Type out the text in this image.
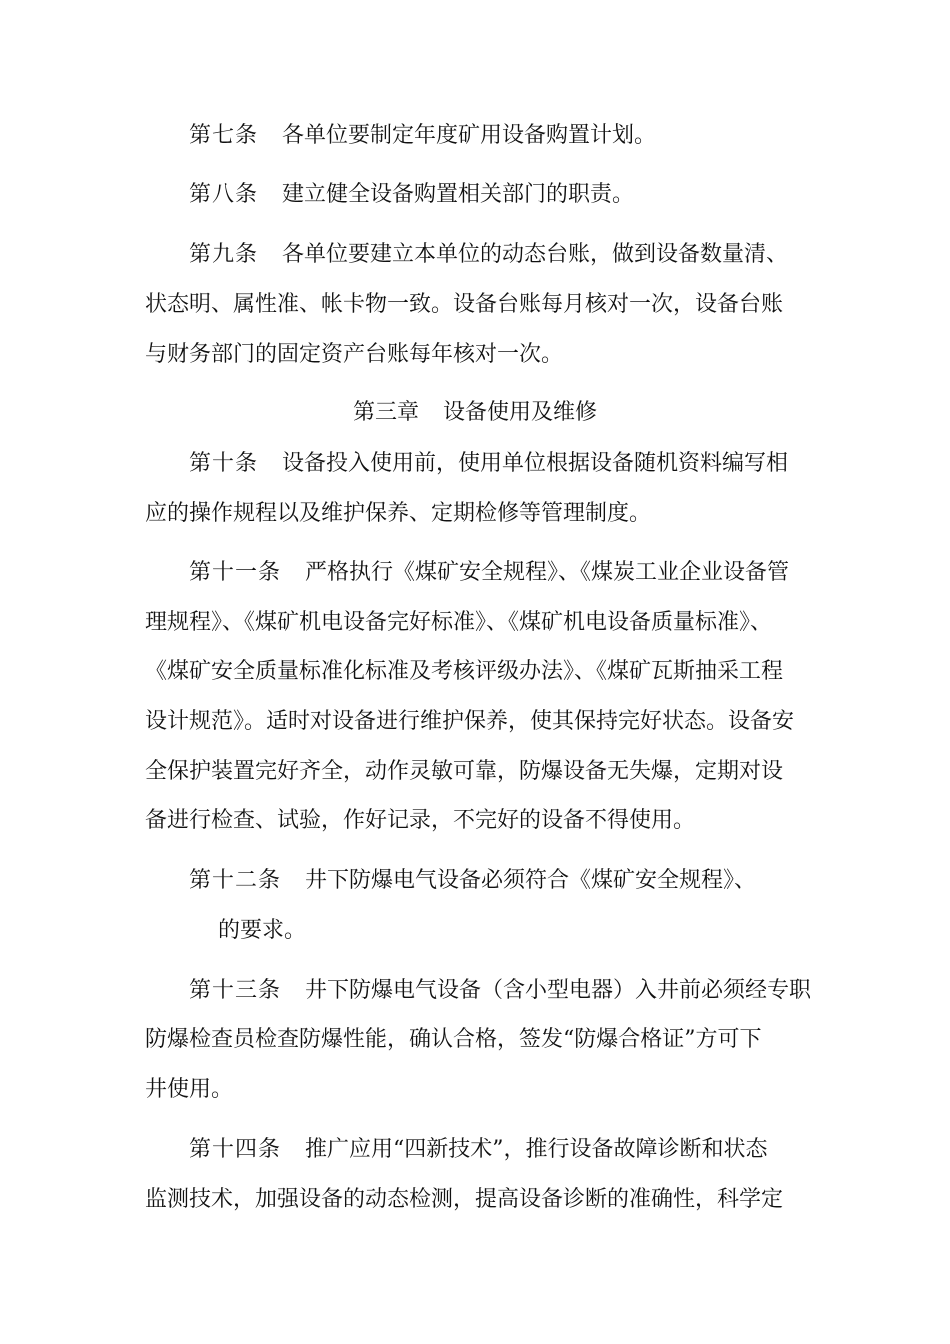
第七条 各单位要制定年度矿用设备购置计划。
第八条 建立健全设备购置相关部门的职责。
第九条 各单位要建立本单位的动态台账，做到设备数量清、
状态明、属性准、帐卡物一致。设备台账每月核对一次，设备台账
与财务部门的固定资产台账每年核对一次。
第三章 设备使用及维修
第十条 设备投入使用前，使用单位根据设备随机资料编写相
应的操作规程以及维护保养、定期检修等管理制度。
第十一条 严格执行《煤矿安全规程》、《煤炭工业企业设备管
理规程》、《煤矿机电设备完好标准》、《煤矿机电设备质量标准》、
《煤矿安全质量标准化标准及考核评级办法》、《煤矿瓦斯抽采工程
设计规范》。适时对设备进行维护保养，使其保持完好状态。设备安
全保护装置完好齐全，动作灵敏可靠，防爆设备无失爆，定期对设
备进行检查、试验，作好记录，不完好的设备不得使用。
第十二条 井下防爆电气设备必须符合《煤矿安全规程》、
的要求。
第十三条 井下防爆电气设备（含小型电器）入井前必须经专职
防爆检查员检查防爆性能，确认合格，签发“防爆合格证”方可下
井使用。
第十四条 推广应用“四新技术”，推行设备故障诊断和状态
监测技术，加强设备的动态检测，提高设备诊断的准确性，科学定
